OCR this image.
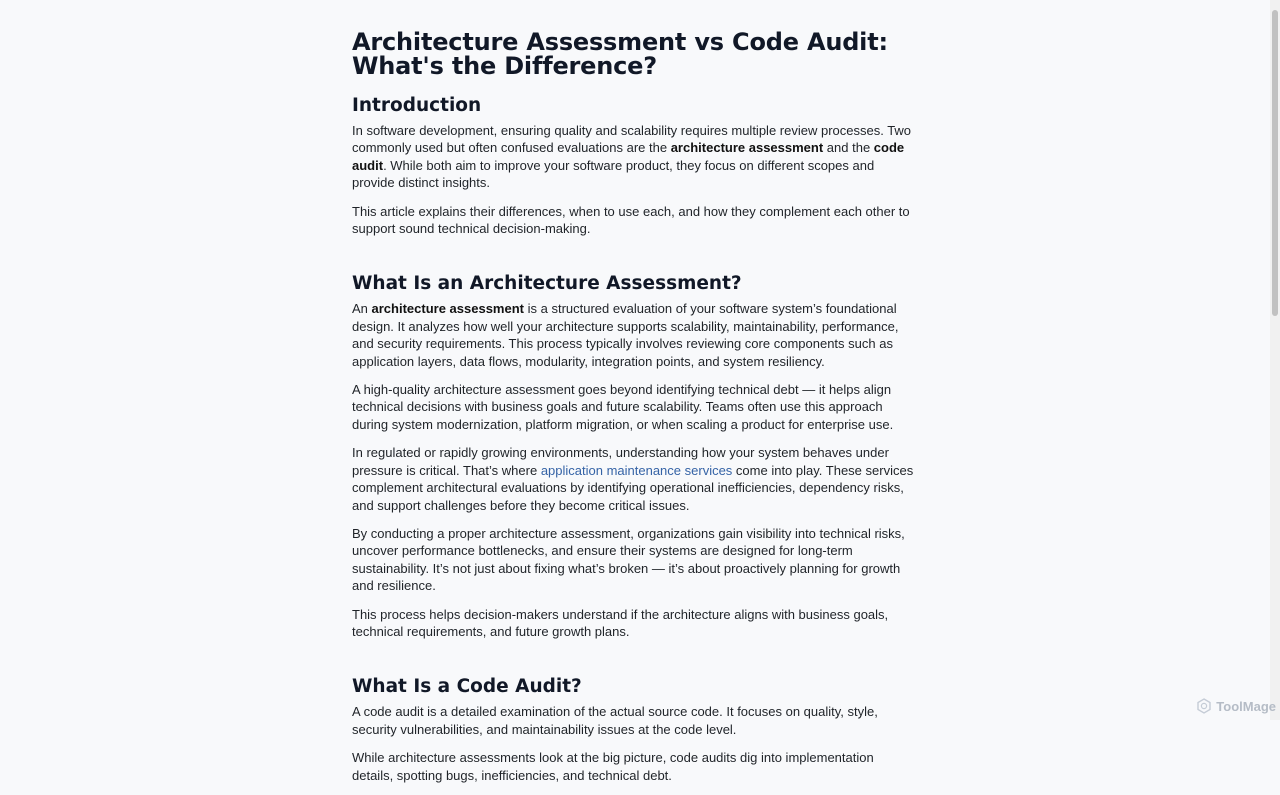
Architecture Assessment vs Code Audit: What's the Difference?
Introduction

In software development, ensuring quality and scalability requires multiple review processes. Two commonly used but often confused evaluations are the architecture assessment and the code audit. While both aim to improve your software product, they focus on different scopes and provide distinct insights.

This article explains their differences, when to use each, and how they complement each other to support sound technical decision-making.

What Is an Architecture Assessment?

An architecture assessment is a structured evaluation of your software system’s foundational design. It analyzes how well your architecture supports scalability, maintainability, performance, and security requirements. This process typically involves reviewing core components such as application layers, data flows, modularity, integration points, and system resiliency.

A high-quality architecture assessment goes beyond identifying technical debt — it helps align technical decisions with business goals and future scalability. Teams often use this approach during system modernization, platform migration, or when scaling a product for enterprise use.

In regulated or rapidly growing environments, understanding how your system behaves under pressure is critical. That’s where application maintenance services come into play. These services complement architectural evaluations by identifying operational inefficiencies, dependency risks, and support challenges before they become critical issues.

By conducting a proper architecture assessment, organizations gain visibility into technical risks, uncover performance bottlenecks, and ensure their systems are designed for long-term sustainability. It’s not just about fixing what’s broken — it’s about proactively planning for growth and resilience.

This process helps decision-makers understand if the architecture aligns with business goals, technical requirements, and future growth plans.

What Is a Code Audit?

A code audit is a detailed examination of the actual source code. It focuses on quality, style, security vulnerabilities, and maintainability issues at the code level.

While architecture assessments look at the big picture, code audits dig into implementation details, spotting bugs, inefficiencies, and technical debt.

ToolMage
